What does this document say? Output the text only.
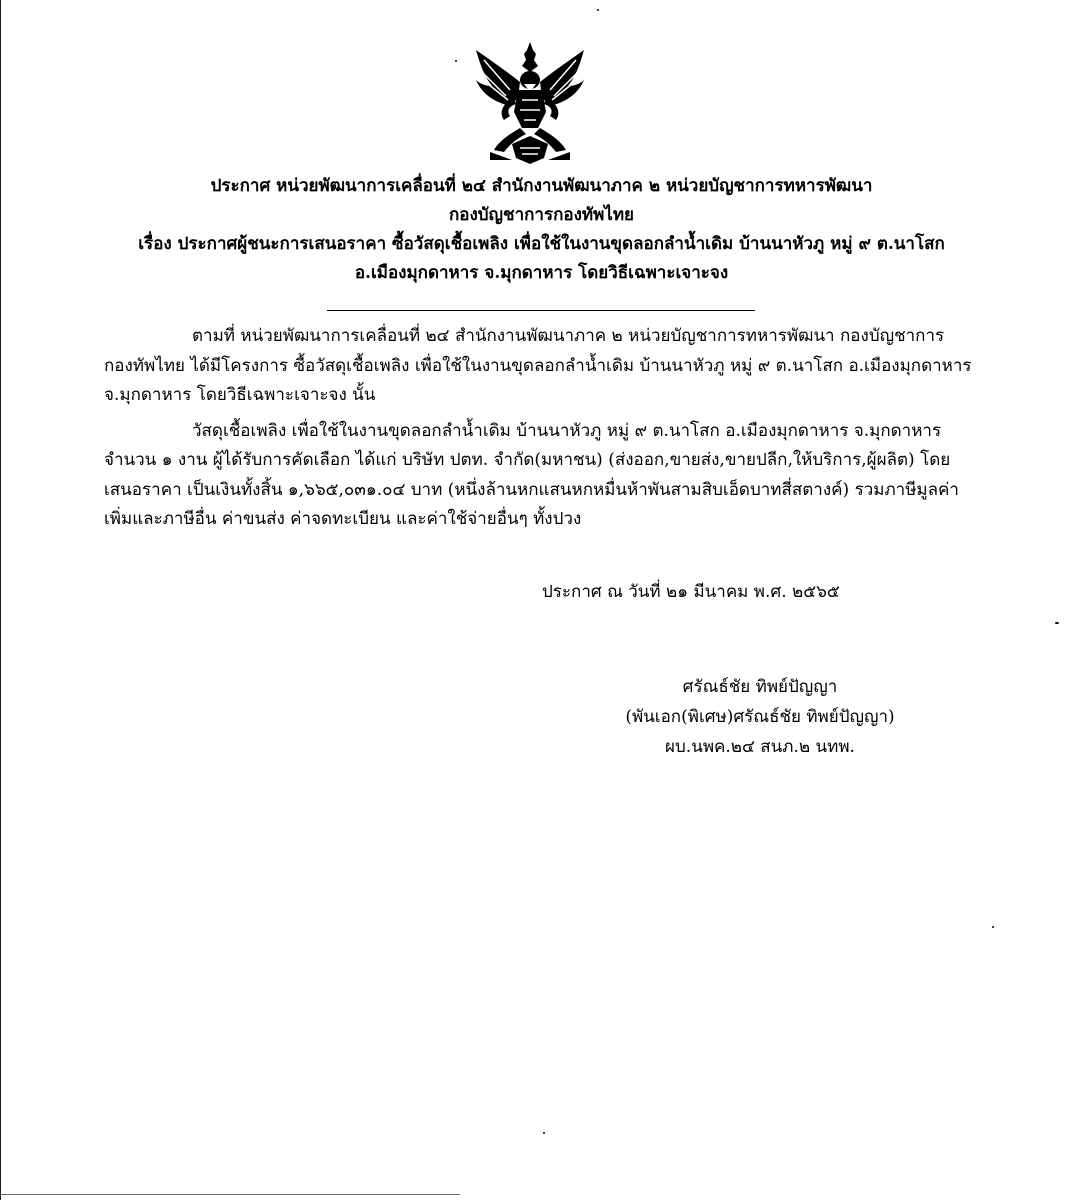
ประกาศ หน่วยพัฒนาการเคลื่อนที่ ๒๔ สำนักงานพัฒนาภาค ๒ หน่วยบัญชาการทหารพัฒนา
กองบัญชาการกองทัพไทย
เรื่อง ประกาศผู้ชนะการเสนอราคา ซื้อวัสดุเชื้อเพลิง เพื่อใช้ในงานขุดลอกลำน้ำเดิม บ้านนาหัวภู หมู่ ๙ ต.นาโสก
อ.เมืองมุกดาหาร จ.มุกดาหาร โดยวิธีเฉพาะเจาะจง

ตามที่ หน่วยพัฒนาการเคลื่อนที่ ๒๔ สำนักงานพัฒนาภาค ๒ หน่วยบัญชาการทหารพัฒนา กองบัญชาการกองทัพไทย ได้มีโครงการ ซื้อวัสดุเชื้อเพลิง เพื่อใช้ในงานขุดลอกลำน้ำเดิม บ้านนาหัวภู หมู่ ๙ ต.นาโสก อ.เมืองมุกดาหาร จ.มุกดาหาร โดยวิธีเฉพาะเจาะจง นั้น

วัสดุเชื้อเพลิง เพื่อใช้ในงานขุดลอกลำน้ำเดิม บ้านนาหัวภู หมู่ ๙ ต.นาโสก อ.เมืองมุกดาหาร จ.มุกดาหาร จำนวน ๑ งาน ผู้ได้รับการคัดเลือก ได้แก่ บริษัท ปตท. จำกัด(มหาชน) (ส่งออก,ขายส่ง,ขายปลีก,ให้บริการ,ผู้ผลิต) โดยเสนอราคา เป็นเงินทั้งสิ้น ๑,๖๖๕,๐๓๑.๐๔ บาท (หนึ่งล้านหกแสนหกหมื่นห้าพันสามสิบเอ็ดบาทสี่สตางค์) รวมภาษีมูลค่าเพิ่มและภาษีอื่น ค่าขนส่ง ค่าจดทะเบียน และค่าใช้จ่ายอื่นๆ ทั้งปวง

ประกาศ ณ วันที่ ๒๑ มีนาคม พ.ศ. ๒๕๖๕
ศรัณธ์ชัย ทิพย์ปัญญา
(พันเอก(พิเศษ)ศรัณธ์ชัย ทิพย์ปัญญา)
ผบ.นพค.๒๔ สนภ.๒ นทพ.
